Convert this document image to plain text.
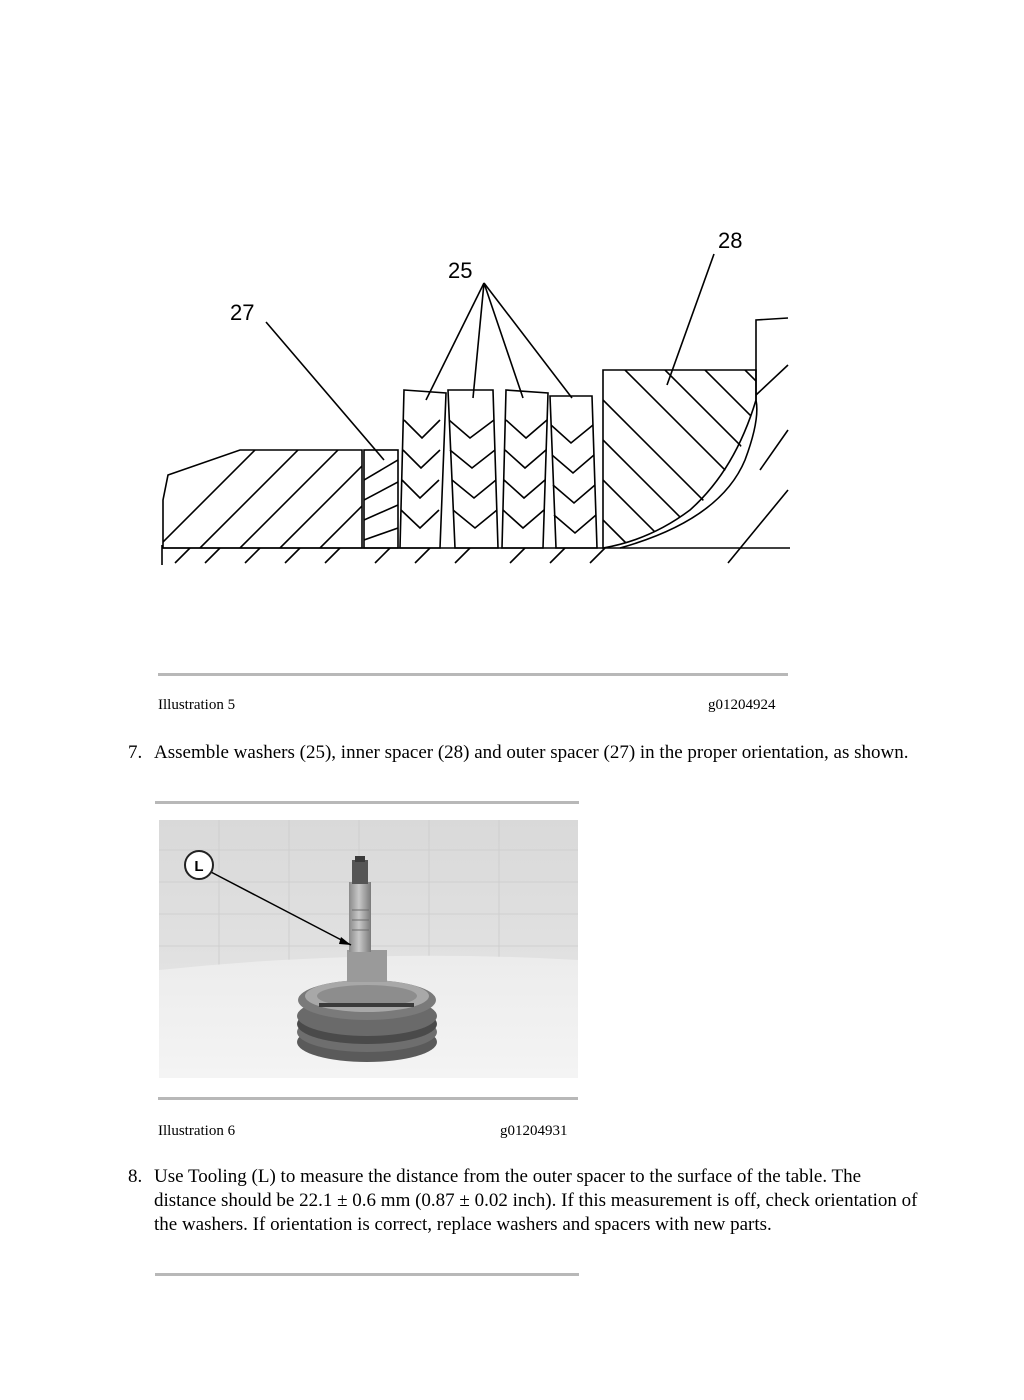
27
25
28
Illustration 5	g01204924
7. Assemble washers (25), inner spacer (28) and outer spacer (27) in the proper orientation, as shown.
L
Illustration 6	g01204931
8. Use Tooling (L) to measure the distance from the outer spacer to the surface of the table. The distance should be 22.1 ± 0.6 mm (0.87 ± 0.02 inch). If this measurement is off, check orientation of the washers. If orientation is correct, replace washers and spacers with new parts.
